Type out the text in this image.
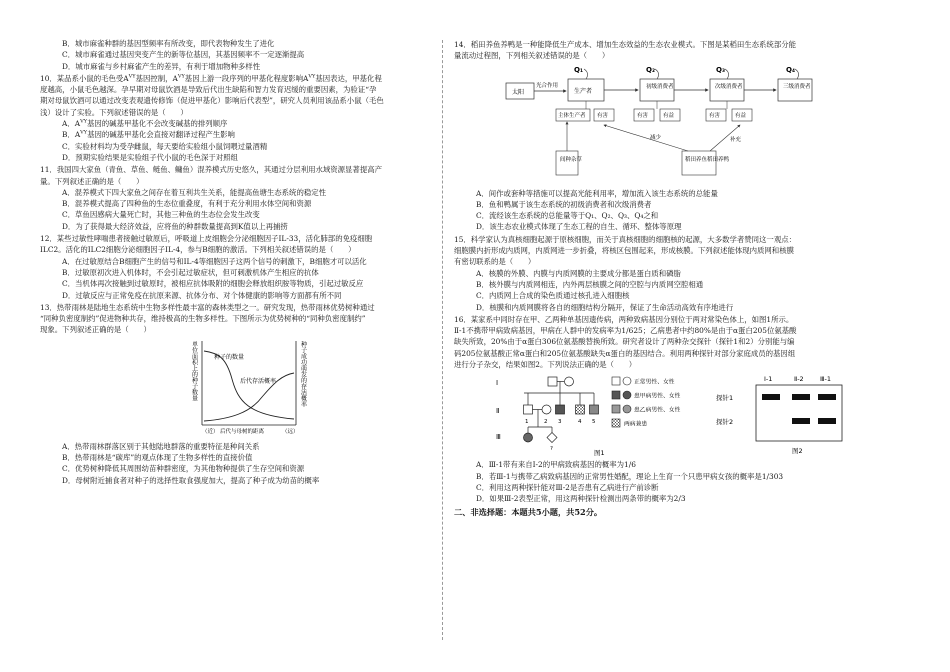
B．城市麻雀种群的基因型频率有所改变，即代表物种发生了进化

C．城市麻雀通过基因突变产生的新等位基因，其基因频率不一定逐渐提高

D．城市麻雀与乡村麻雀产生的差异，有利于增加物种多样性

10．某品系小鼠的毛色受$A^{VY}$基因控制，$A^{VY}$基因上游一段序列的甲基化程度影响$A^{VY}$基因表达，甲基化程

度越高，小鼠毛色越深。孕早期对母鼠饮酒是导致后代出生缺陷和智力发育迟缓的重要因素，为验证“孕

期对母鼠饮酒可以通过改变表观遗传修饰（促进甲基化）影响后代表型”，研究人员利用该品系小鼠（毛色

浅）设计了实验。下列叙述错误的是（　　）

A．$A^{VY}$基因的碱基甲基化不会改变碱基的排列顺序

B．$A^{VY}$基因的碱基甲基化会直接对翻译过程产生影响

C．实验材料均为受孕雌鼠，每天要给实验组小鼠饲喂过量酒精

D．预期实验结果是实验组子代小鼠的毛色深于对照组

11．我国四大家鱼（青鱼、草鱼、鲢鱼、鳙鱼）混养模式历史悠久，其通过分层利用水域资源显著提高产

量。下列叙述正确的是（　　）

A．混养模式下四大家鱼之间存在着互利共生关系，能提高鱼塘生态系统的稳定性

B．混养模式提高了四种鱼的生态位重叠度，有利于充分利用水体空间和资源

C．草鱼因感病大量死亡时，其他三种鱼的生态位会发生改变

D．为了获得最大经济效益，应将鱼的种群数量提高到K值以上再捕捞

12．某些过敏性哮喘患者接触过敏原后，呼吸道上皮细胞会分泌细胞因子IL-33，活化肺部的免疫细胞

ILC2。活化的ILC2细胞分泌细胞因子IL-4，参与B细胞的激活。下列相关叙述错误的是（　　）

A．在过敏原结合B细胞产生的信号和IL-4等细胞因子这两个信号的刺激下，B细胞才可以活化

B．过敏原初次进入机体时，不会引起过敏症状，但可刺激机体产生相应的抗体

C．当机体再次接触到过敏原时，被相应抗体吸附的细胞会释放组织胺等物质，引起过敏反应

D．过敏反应与正常免疫在抗原来源、抗体分布、对个体健康的影响等方面都有所不同

13．热带雨林是陆地生态系统中生物多样性最丰富的森林类型之一。研究发现，热带雨林优势树种通过

“同种负密度制约”促进物种共存，维持极高的生物多样性。下图所示为优势树种的“同种负密度制约”

现象。下列叙述正确的是（　　）

单位面积上的种子数量	种子成功萌发的存活概率
种子的数量
后代存活概率
（近） 后代与母树的距离	（远）

A．热带雨林群落区别于其他陆地群落的重要特征是种间关系

B．热带雨林是“碳库”的观点体现了生物多样性的直接价值

C．优势树种降低其周围幼苗种群密度，为其他物种提供了生存空间和资源

D．母树附近捕食者对种子的选择性取食强度加大，提高了种子成为幼苗的概率

14．稻田养鱼养鸭是一种能降低生产成本、增加生态效益的生态农业模式。下图是某稻田生态系统部分能

量流动过程图，下列相关叙述错误的是（　　）

太阳
光合作用
生产者
初级消费者	次级消费者	三级消费者
Q₁	Q₂	Q₃	Q₄
主体生产者 有害	有害	有益	有害	有益
间种杂草	稻田养鱼稻田养鸭
减少	补充

A．间作或套种等措施可以提高光能利用率，增加流入该生态系统的总能量

B．鱼和鸭属于该生态系统的初级消费者和次级消费者

C．流经该生态系统的总能量等于Q₁、Q₂、Q₃、Q₄之和

D．该生态农业模式体现了生态工程的自生、循环、整体等原理

15．科学家认为真核细胞起源于原核细胞，而关于真核细胞的细胞核的起源，大多数学者赞同这一观点：

细胞膜内折形成内质网，内质网进一步折叠，将核区包围起来，形成核膜。下列叙述能体现内质网和核膜

有密切联系的是（　　）

A．核膜的外膜、内膜与内质网膜的主要成分都是蛋白质和磷脂

B．核外膜与内质网相连，内外两层核膜之间的空腔与内质网空腔相通

C．内质网上合成的染色质通过核孔进入细胞核

D．核膜和内质网膜将各自的细胞结构分隔开，保证了生命活动高效有序地进行

16．某家系中同时存在甲、乙两种单基因遗传病，两种致病基因分别位于两对常染色体上，如图1所示。

Ⅱ-1不携带甲病致病基因，甲病在人群中的发病率为1/625；乙病患者中约80%是由于α蛋白205位氨基酸

缺失所致，20%由于α蛋白306位氨基酸替换所致。研究者设计了两种杂交探针（探针1和2）分别能与编

码205位氨基酸正常α蛋白和205位氨基酸缺失α蛋白的基因结合。利用两种探针对部分家庭成员的基因组

进行分子杂交，结果如图2。下列说法正确的是（　　）

Ⅰ
Ⅱ
Ⅲ
1	2 3	4 5
?
正常男性、女性
患甲病男性、女性
患乙病男性、女性
两病兼患
图1
Ⅰ-1	Ⅱ-2	Ⅲ-1
探针1
探针2
图2

A．Ⅲ-1带有来自Ⅰ-2的甲病致病基因的概率为1/6

B．若Ⅲ-1与携带乙病致病基因的正常男性婚配，理论上生育一个只患甲病女孩的概率是1/303

C．利用这两种探针能对Ⅲ-2是否患有乙病进行产前诊断

D．如果Ⅲ-2表型正常，用这两种探针检测出两条带的概率为2/3

二、非选择题：本题共5小题，共52分。
